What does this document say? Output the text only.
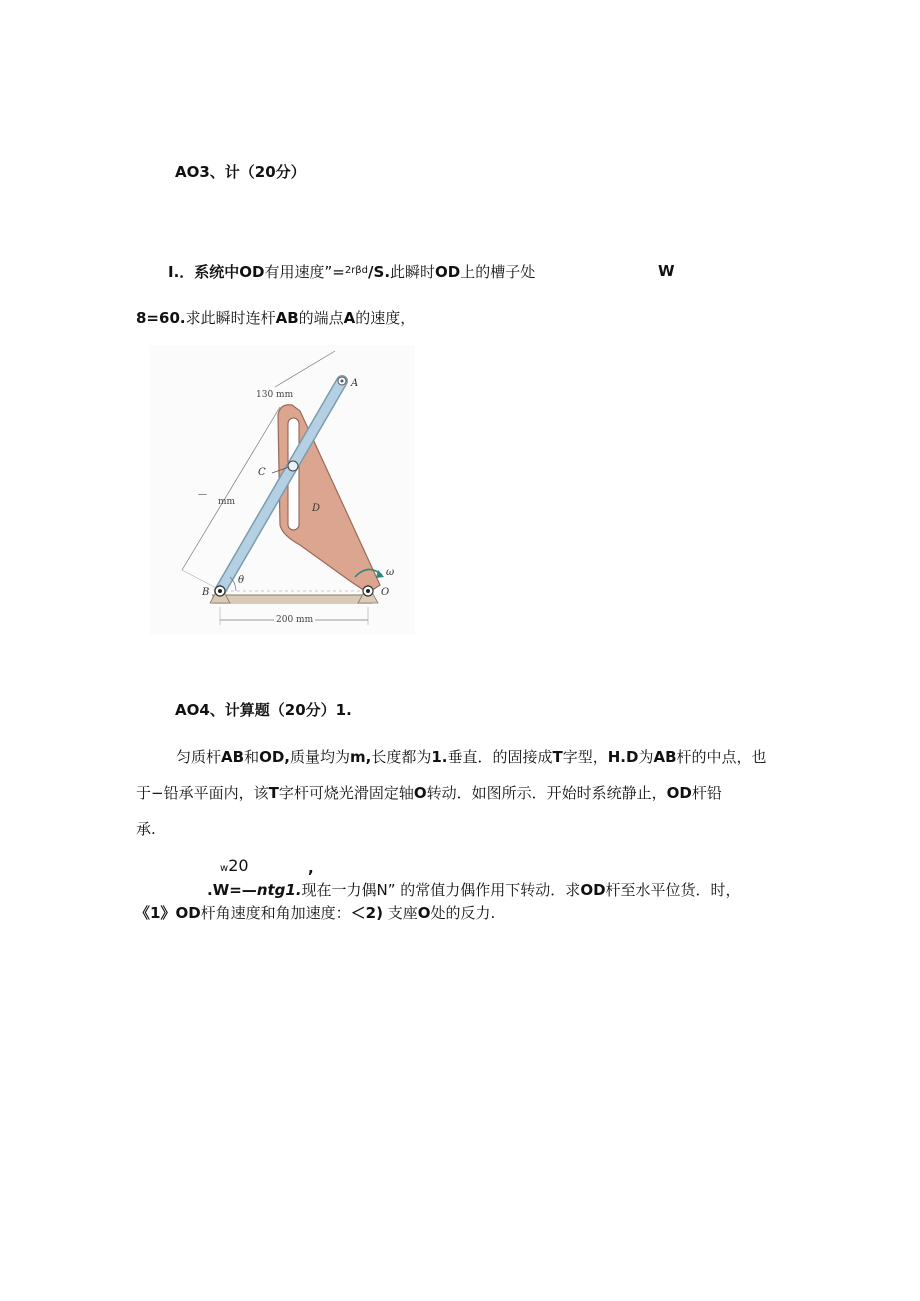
AO3、计（20分）
I.．系统中OD有用速度”=$^{2r\beta d}$/S.此瞬时OD上的槽子处	W
8=60.求此瞬时连杆AB的端点A的速度，
A
B
C
D
O
θ
ω
130 mm
—
mm
200 mm
AO4、计算题（20分）1.
匀质杆AB和OD,质量均为m,长度都为1.垂直．的固接成T字型，H.D为AB杆的中点，也
于−铅承平面内，该T字杆可烧光滑固定轴O转动．如图所示．开始时系统静止，OD杆铅
承.
w20	,
.W=—ntg1.现在一力偶N” 的常值力偶作用下转动．求OD杆至水平位货．时，
《1》OD杆角速度和角加速度：＜2) 支座O处的反力.
